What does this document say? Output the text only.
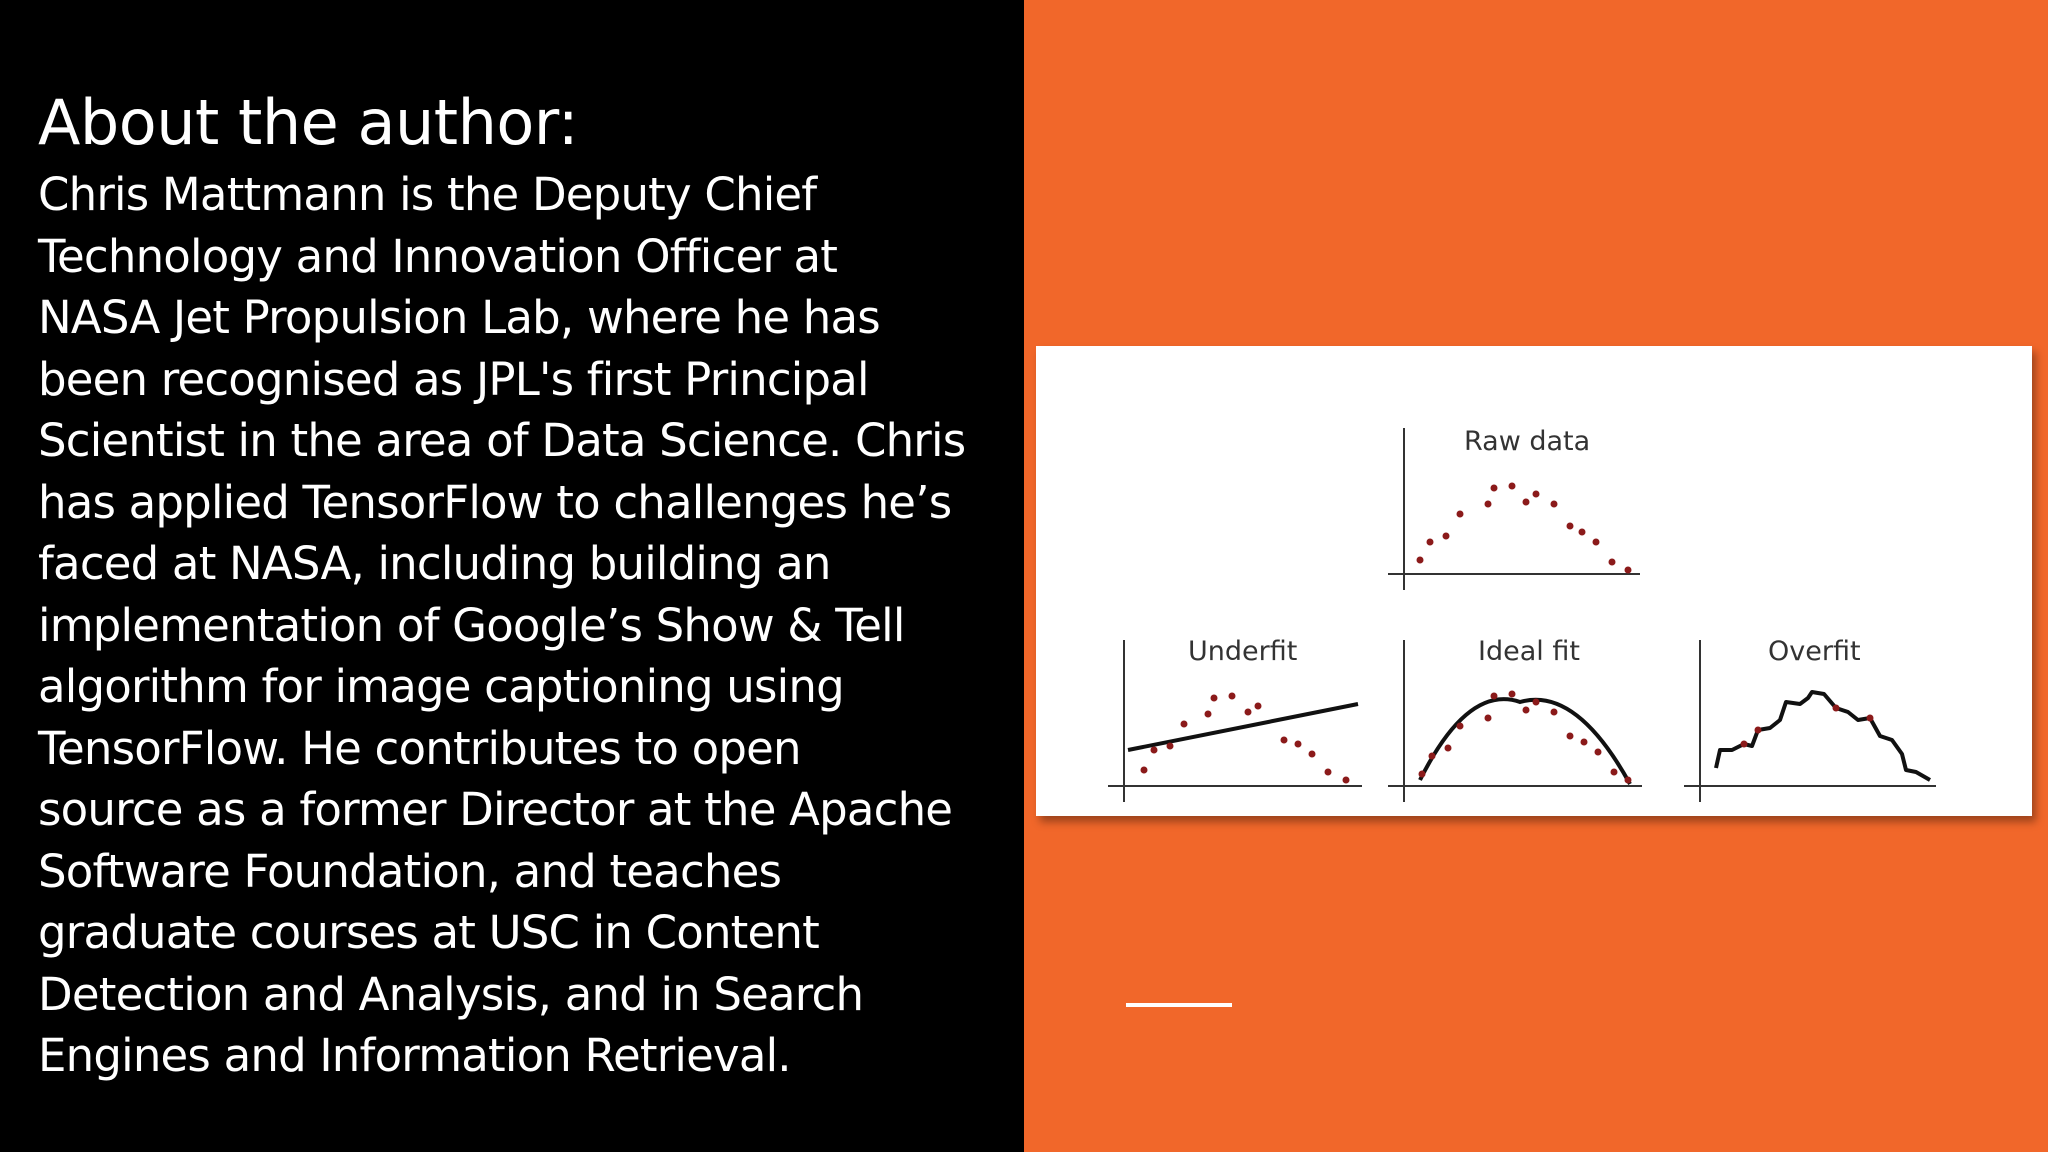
About the author:
Chris Mattmann is the Deputy Chief
Technology and Innovation Officer at
NASA Jet Propulsion Lab, where he has
been recognised as JPL's first Principal
Scientist in the area of Data Science. Chris
has applied TensorFlow to challenges he’s
faced at NASA, including building an
implementation of Google’s Show & Tell
algorithm for image captioning using
TensorFlow. He contributes to open
source as a former Director at the Apache
Software Foundation, and teaches
graduate courses at USC in Content
Detection and Analysis, and in Search
Engines and Information Retrieval.
Raw data
Underfit	Ideal fit	Overfit
